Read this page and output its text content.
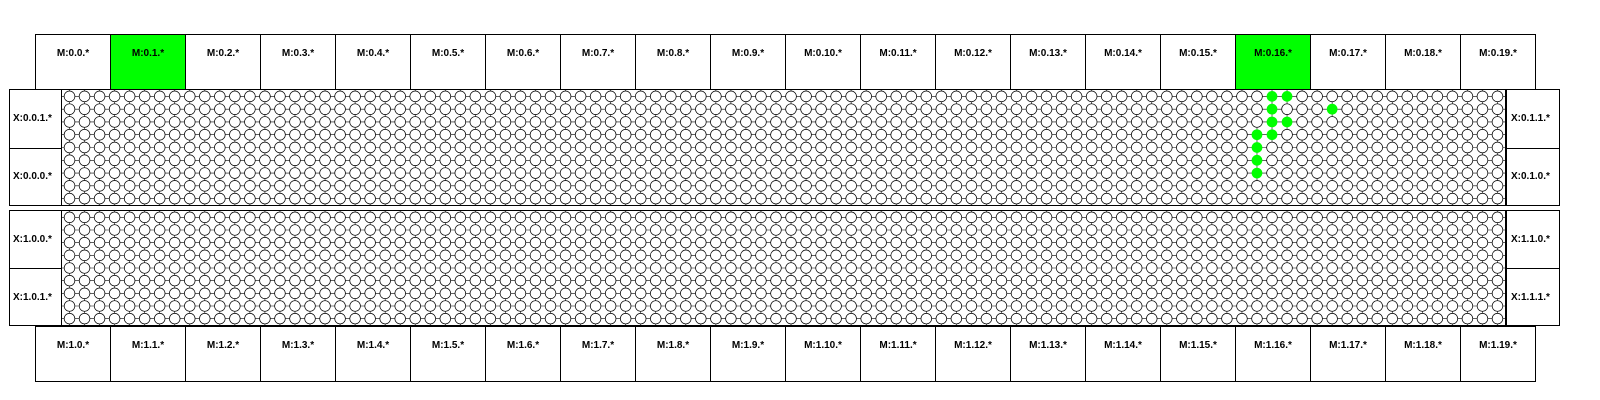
M:0.0.*	M:0.1.*	M:0.2.*	M:0.3.*	M:0.4.*	M:0.5.*	M:0.6.*	M:0.7.*	M:0.8.*	M:0.9.*	M:0.10.*	M:0.11.*	M:0.12.*	M:0.13.*	M:0.14.*	M:0.15.*	M:0.16.*	M:0.17.*	M:0.18.*	M:0.19.*
M:1.0.*	M:1.1.*	M:1.2.*	M:1.3.*	M:1.4.*	M:1.5.*	M:1.6.*	M:1.7.*	M:1.8.*	M:1.9.*	M:1.10.*	M:1.11.*	M:1.12.*	M:1.13.*	M:1.14.*	M:1.15.*	M:1.16.*	M:1.17.*	M:1.18.*	M:1.19.*
X:0.0.1.*
X:0.0.0.*
X:0.1.1.*
X:0.1.0.*
X:1.0.0.*
X:1.0.1.*
X:1.1.0.*
X:1.1.1.*
